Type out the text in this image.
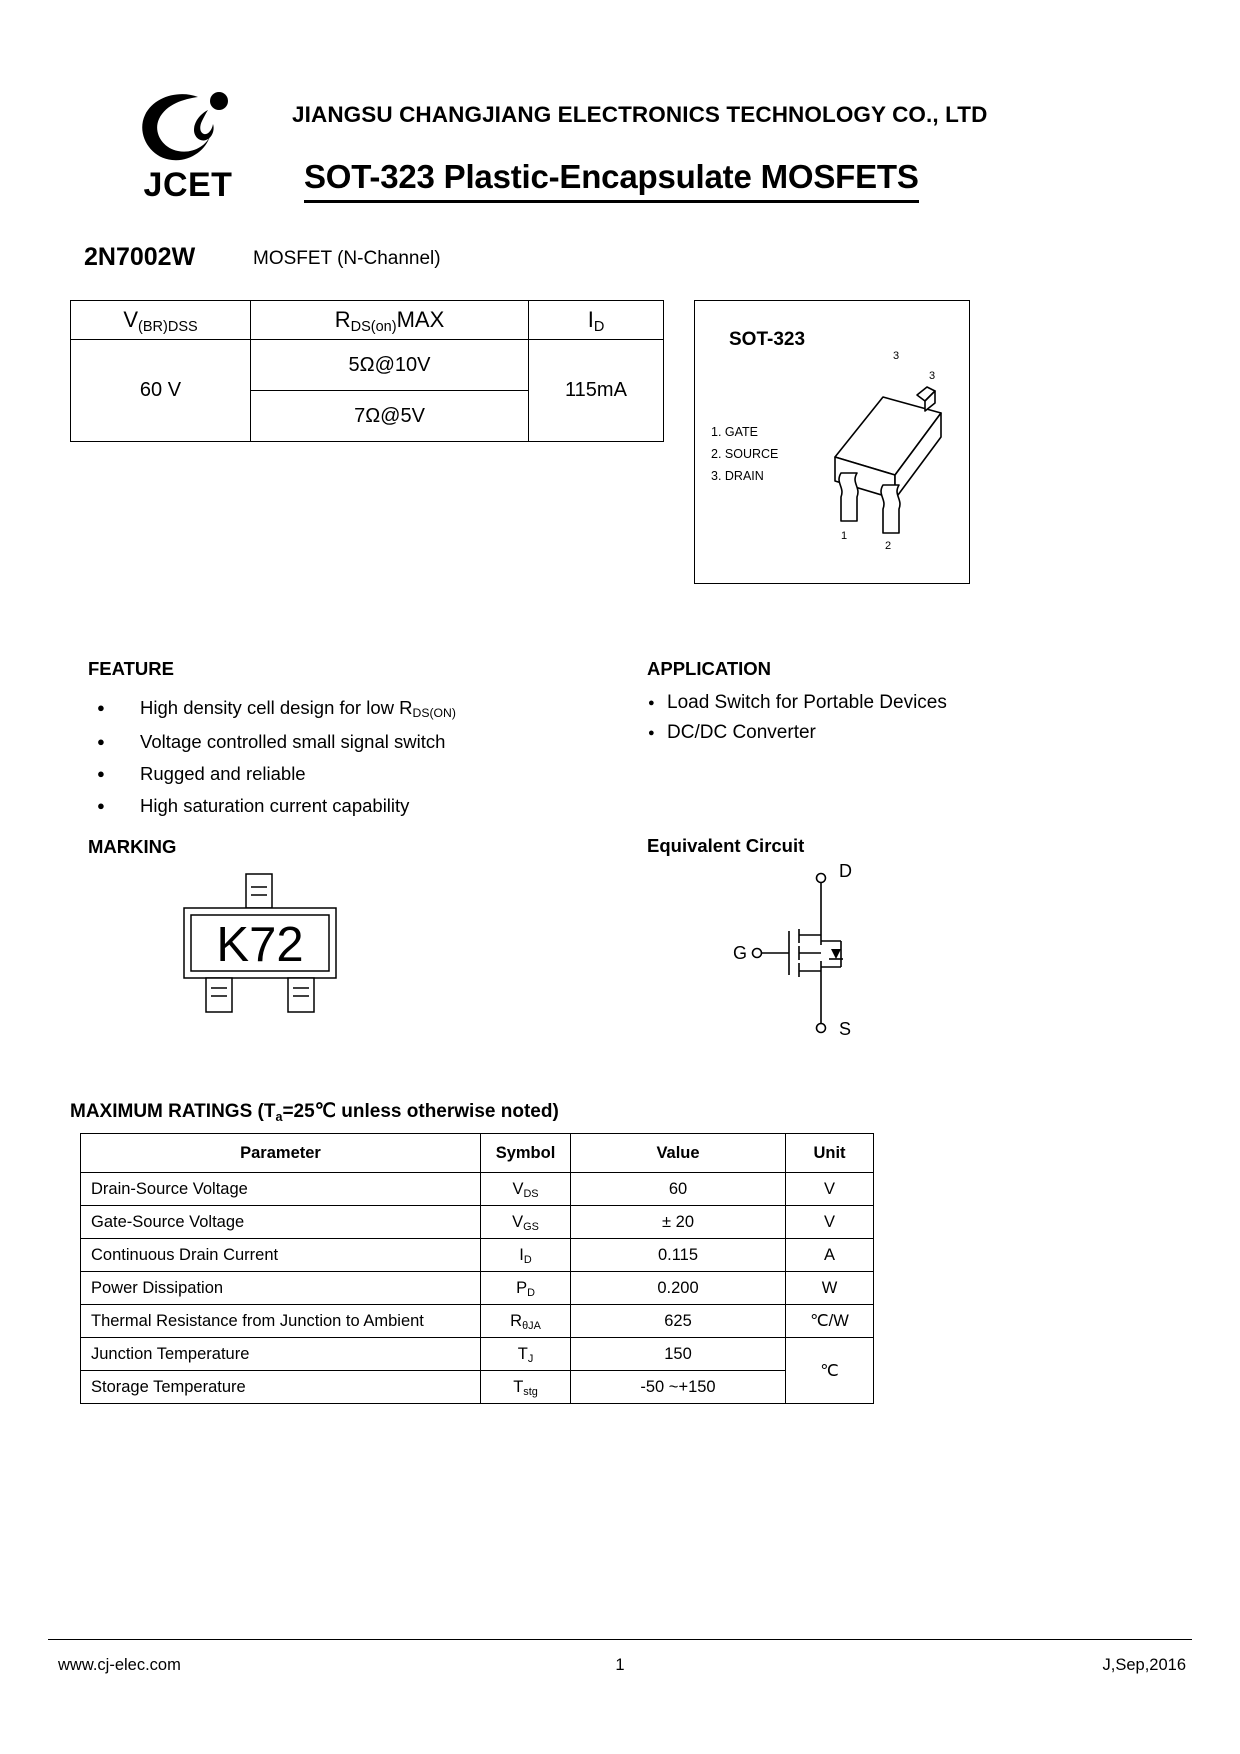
JCET
JIANGSU CHANGJIANG ELECTRONICS TECHNOLOGY CO., LTD
SOT-323 Plastic-Encapsulate MOSFETS
2N7002W	MOSFET (N-Channel)
V(BR)DSS	RDS(on)MAX	ID
60 V	5Ω@10V	115mA
	7Ω@5V	
SOT-323
1. GATE
2. SOURCE
3. DRAIN
1
2
3
3
FEATURE
● High density cell design for low RDS(ON)
● Voltage controlled small signal switch
● Rugged and reliable
● High saturation current capability
APPLICATION
● Load Switch for Portable Devices
● DC/DC Converter
MARKING
K72
Equivalent Circuit
D
G
S
MAXIMUM RATINGS (Ta=25℃ unless otherwise noted)
Parameter	Symbol	Value	Unit
Drain-Source Voltage	VDS	60	V
Gate-Source Voltage	VGS	± 20	V
Continuous Drain Current	ID	0.115	A
Power Dissipation	PD	0.200	W
Thermal Resistance from Junction to Ambient	RθJA	625	℃/W
Junction Temperature	TJ	150	℃
Storage Temperature	Tstg	-50 ~+150	
www.cj-elec.com	1	J,Sep,2016
